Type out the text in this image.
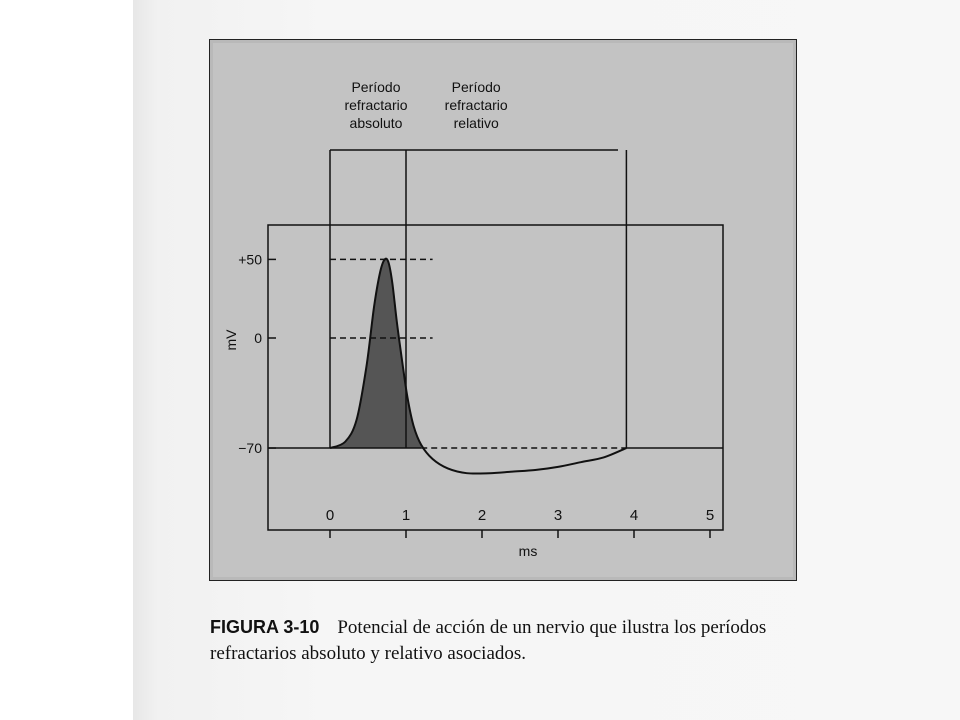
+50
0
−70
0	1	2	3	4	5
Período
refractario
absoluto
Período
refractario
relativo
mV
ms
FIGURA 3-10 Potencial de acción de un nervio que ilustra los períodos refractarios absoluto y relativo asociados.
